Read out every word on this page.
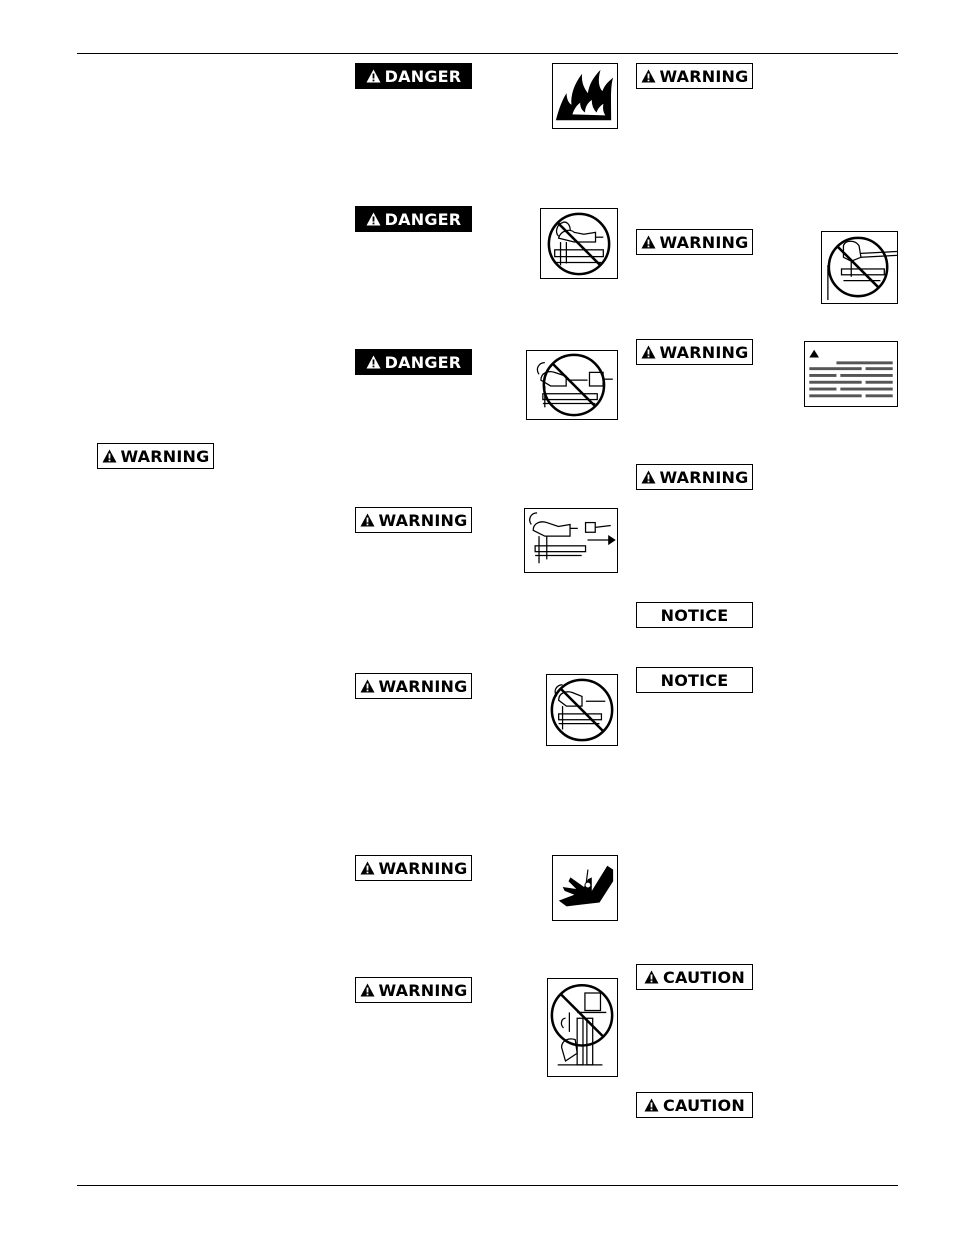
WARNING
DANGER
DANGER
DANGER
WARNING
WARNING
WARNING
WARNING
WARNING
WARNING
WARNING
WARNING
NOTICE
NOTICE
CAUTION
CAUTION
